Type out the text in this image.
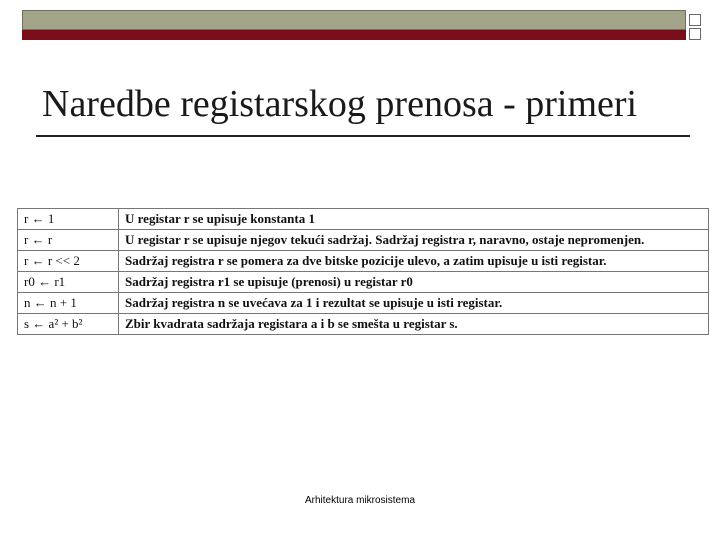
Naredbe registarskog prenosa - primeri
r ← 1	U registar r se upisuje konstanta 1
r ← r	U registar r se upisuje njegov tekući sadržaj. Sadržaj registra r, naravno, ostaje nepromenjen.
r ← r << 2	Sadržaj registra r se pomera za dve bitske pozicije ulevo, a zatim upisuje u isti registar.
r0 ← r1	Sadržaj registra r1 se upisuje (prenosi) u registar r0
n ← n + 1	Sadržaj registra n se uvećava za 1 i rezultat se upisuje u isti registar.
s ← a² + b²	Zbir kvadrata sadržaja registara a i b se smešta u registar s.
Arhitektura mikrosistema
